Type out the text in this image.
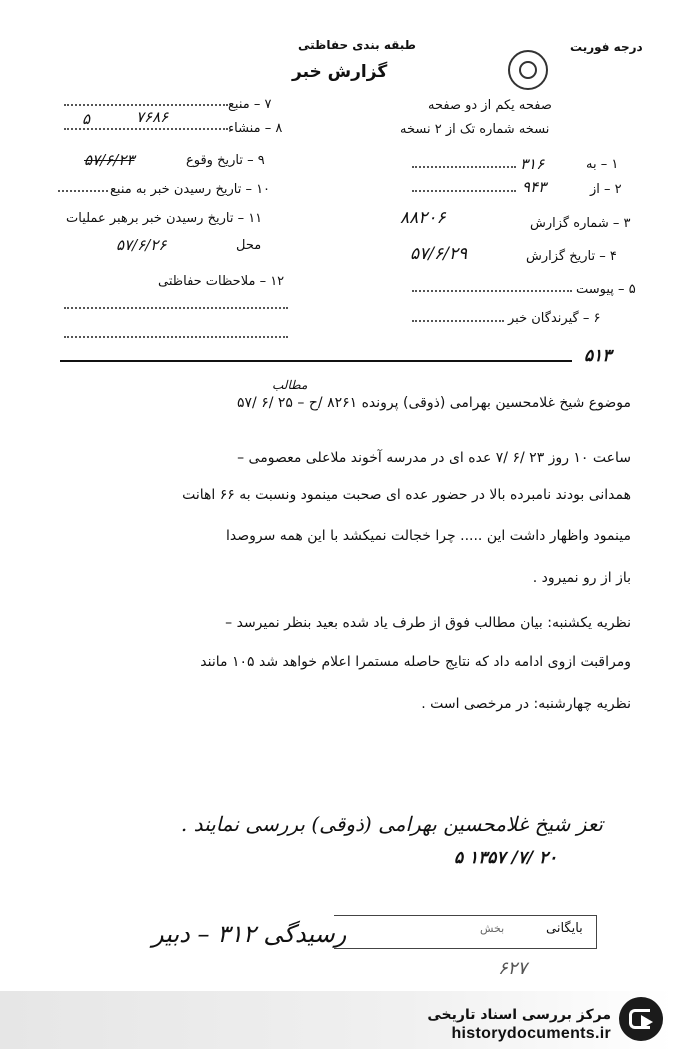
طبقه بندی حفاظتی
گزارش خبر
درجه فوریت
۷ – منبع
۷۶۸۶
۸ – منشاء
۵
۹ – تاریخ وقوع
۵۷/۶/۲۳
۱۰ – تاریخ رسیدن خبر به منبع
۱۱ – تاریخ رسیدن خبر برهبر عملیات
محل
۵۷/۶/۲۶
۱۲ – ملاحظات حفاظتی
صفحه یکم از دو صفحه
نسخه شماره تک از ۲ نسخه
۱ – به
۳۱۶
۲ – از
۹۴۳
۳ – شماره گزارش
۸۸۲۰۶
۴ – تاریخ گزارش
۵۷/۶/۲۹
۵ – پیوست
۶ – گیرندگان خبر
۵۱۳
موضوع شیخ غلامحسین بهرامی (ذوقی) پرونده ۸۲۶۱ /ح – ۲۵ /۶ /۵۷
مطالب
ساعت ۱۰ روز ۲۳ /۶ /۷ عده ای در مدرسه آخوند ملاعلی معصومی –
همدانی بودند نامبرده بالا در حضور عده ای صحبت مینمود ونسبت به ۶۶ اهانت
مینمود واظهار داشت این ..... چرا خجالت نمیکشد با این همه سروصدا
باز از رو نمیرود .
نظریه یکشنبه: بیان مطالب فوق از طرف یاد شده بعید بنظر نمیرسد –
ومراقبت ازوی ادامه داد که نتایج حاصله مستمرا اعلام خواهد شد ۱۰۵ مانند
نظریه چهارشنبه: در مرخصی است .
تعز شیخ غلامحسین بهرامی (ذوقی) بررسی نمایند .
۵ ۱۳۵۷ /۷/ ۲۰
بایگانی
بخش
رسیدگی ۳۱۲ – دبیر
۶۲۷
مرکز بررسی اسناد تاریخی
historydocuments.ir
